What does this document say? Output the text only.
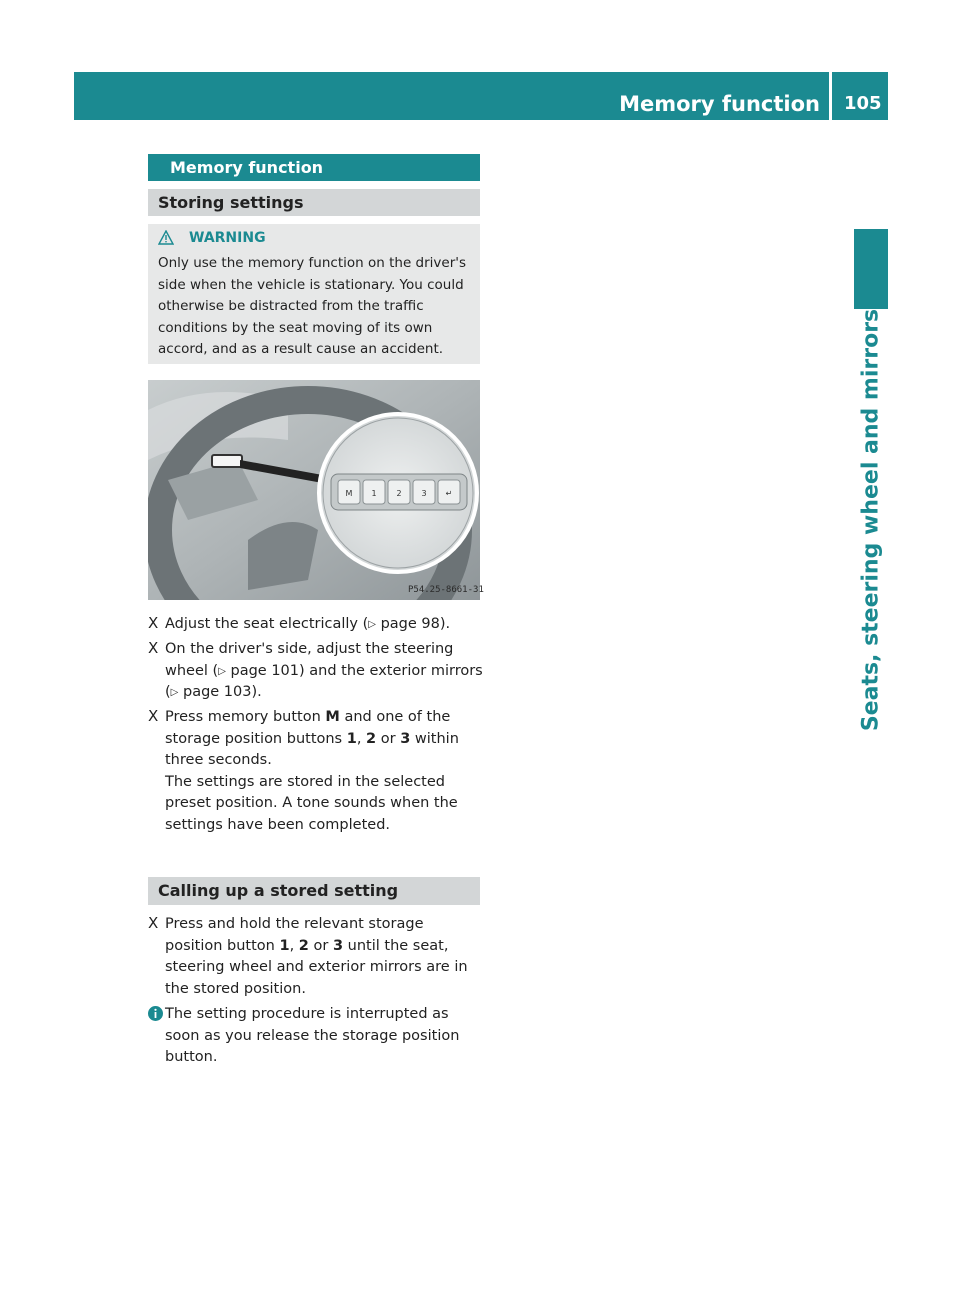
Memory function 105
Seats, steering wheel and mirrors
Memory function
Storing settings
WARNING
Only use the memory function on the driver's side when the vehicle is stationary. You could otherwise be distracted from the traffic conditions by the seat moving of its own accord, and as a result cause an accident.
M 1 2 3 ↵
P54.25-8661-31
X Adjust the seat electrically (▷ page 98).
X On the driver's side, adjust the steering wheel (▷ page 101) and the exterior mirrors (▷ page 103).
X Press memory button M and one of the storage position buttons 1, 2 or 3 within three seconds.
The settings are stored in the selected preset position. A tone sounds when the settings have been completed.
Calling up a stored setting
X Press and hold the relevant storage position button 1, 2 or 3 until the seat, steering wheel and exterior mirrors are in the stored position.
The setting procedure is interrupted as soon as you release the storage position button.
